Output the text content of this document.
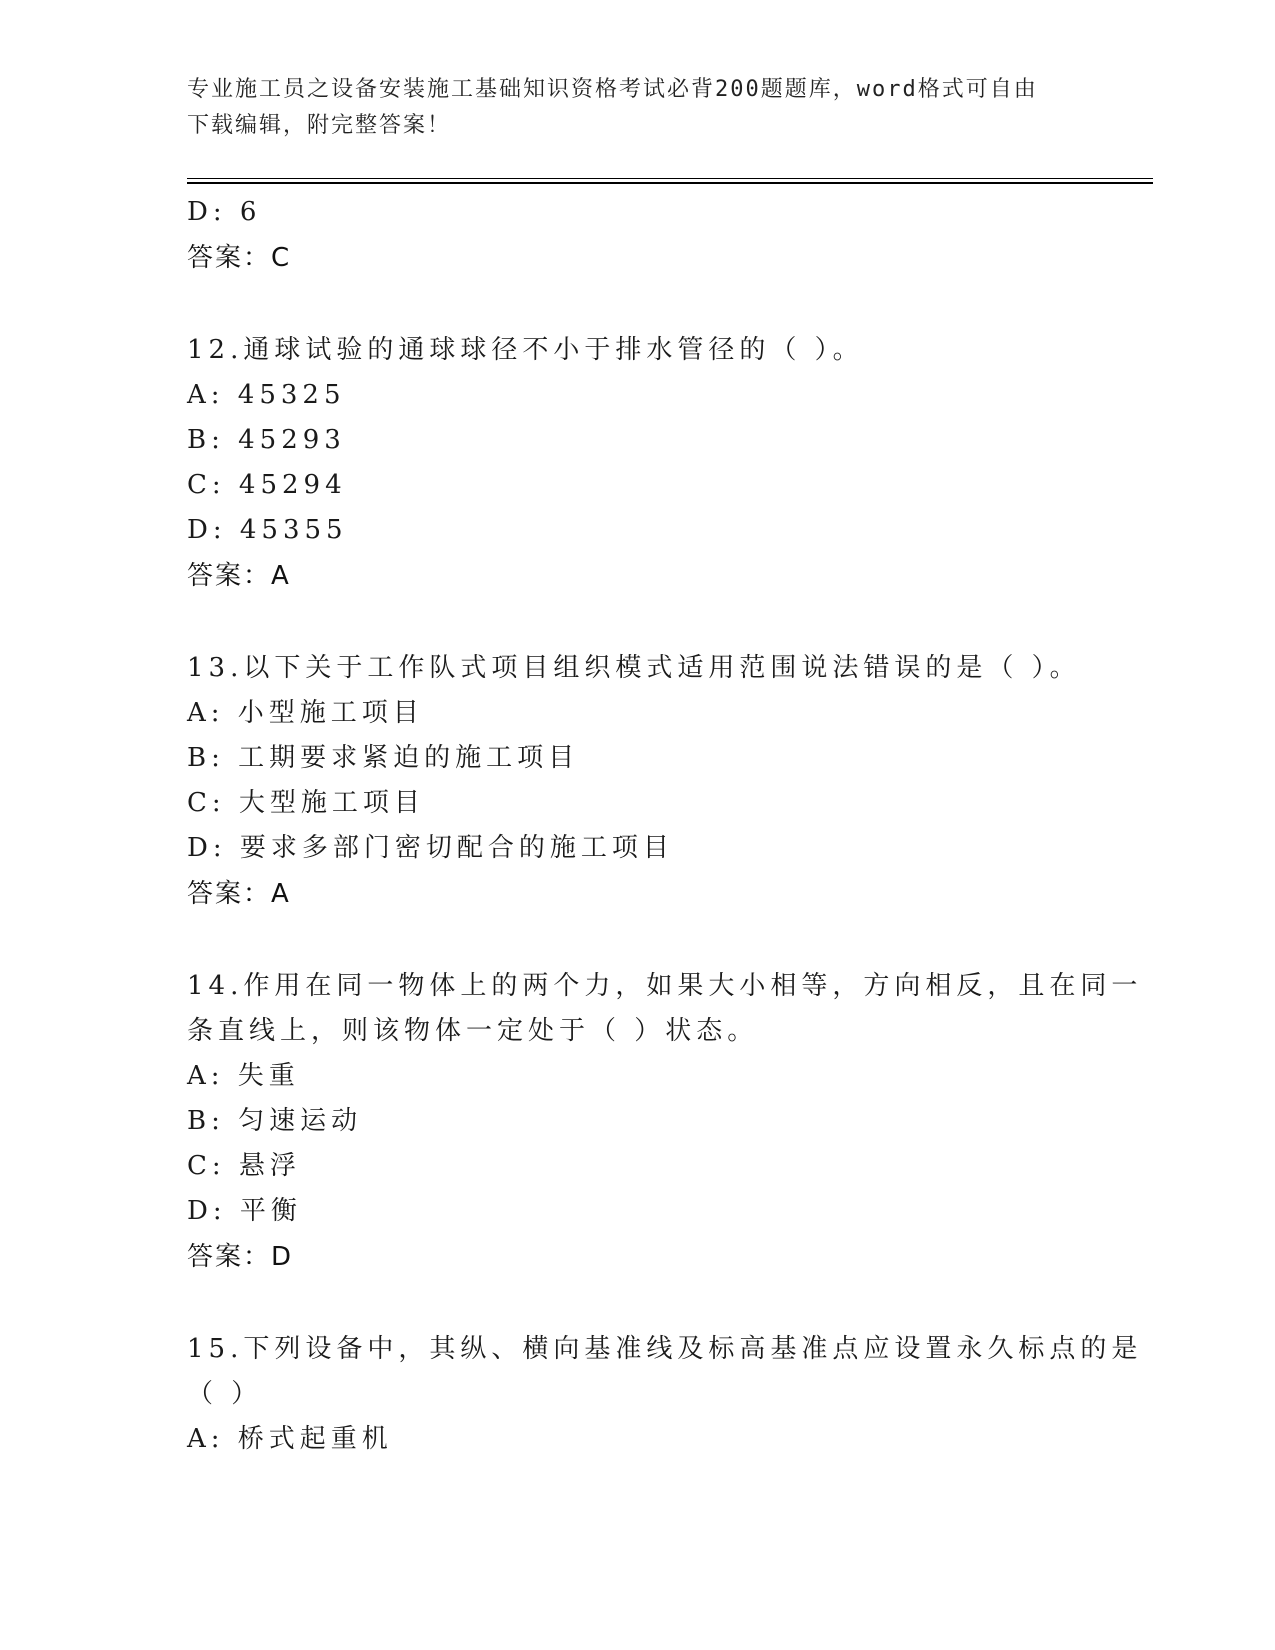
专业施工员之设备安装施工基础知识资格考试必背200题题库，word格式可自由
下载编辑，附完整答案！
D: 6
答案：C
12.通球试验的通球球径不小于排水管径的（ ）。
A: 45325
B: 45293
C: 45294
D: 45355
答案：A
13.以下关于工作队式项目组织模式适用范围说法错误的是（ ）。
A: 小型施工项目
B: 工期要求紧迫的施工项目
C: 大型施工项目
D: 要求多部门密切配合的施工项目
答案：A
14.作用在同一物体上的两个力，如果大小相等，方向相反，且在同一
条直线上，则该物体一定处于（ ）状态。
A: 失重
B: 匀速运动
C: 悬浮
D: 平衡
答案：D
15.下列设备中，其纵、横向基准线及标高基准点应设置永久标点的是
（ ）
A: 桥式起重机
